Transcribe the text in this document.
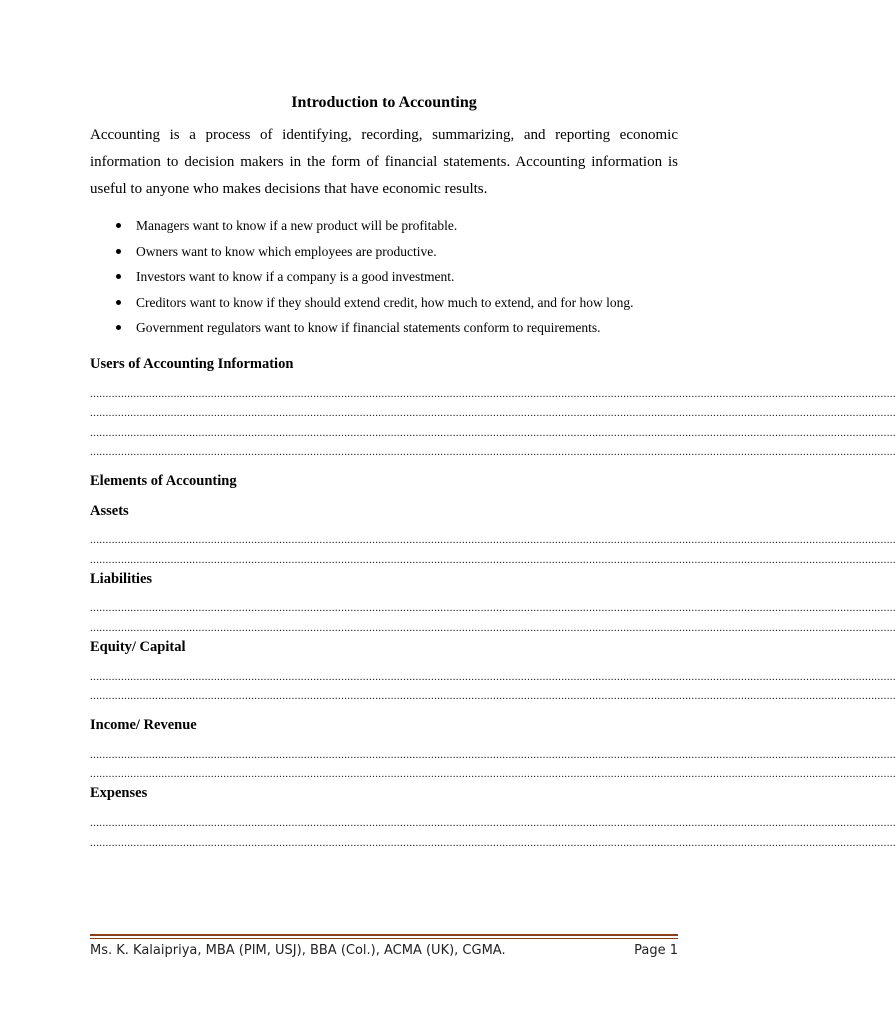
Introduction to Accounting

Accounting is a process of identifying, recording, summarizing, and reporting economic information to decision makers in the form of financial statements. Accounting information is useful to anyone who makes decisions that have economic results.

Managers want to know if a new product will be profitable.
Owners want to know which employees are productive.
Investors want to know if a company is a good investment.
Creditors want to know if they should extend credit, how much to extend, and for how long.
Government regulators want to know if financial statements conform to requirements.
Users of Accounting Information
....................................................................................................................................................................................................................................................................
....................................................................................................................................................................................................................................................................
....................................................................................................................................................................................................................................................................
....................................................................................................................................................................................................................................................................
Elements of Accounting
Assets
....................................................................................................................................................................................................................................................................
....................................................................................................................................................................................................................................................................
Liabilities
....................................................................................................................................................................................................................................................................
....................................................................................................................................................................................................................................................................
Equity/ Capital
....................................................................................................................................................................................................................................................................
....................................................................................................................................................................................................................................................................
Income/ Revenue
....................................................................................................................................................................................................................................................................
....................................................................................................................................................................................................................................................................
Expenses
....................................................................................................................................................................................................................................................................
....................................................................................................................................................................................................................................................................
Ms. K. Kalaipriya, MBA (PIM, USJ), BBA (Col.), ACMA (UK), CGMA.	Page 1
